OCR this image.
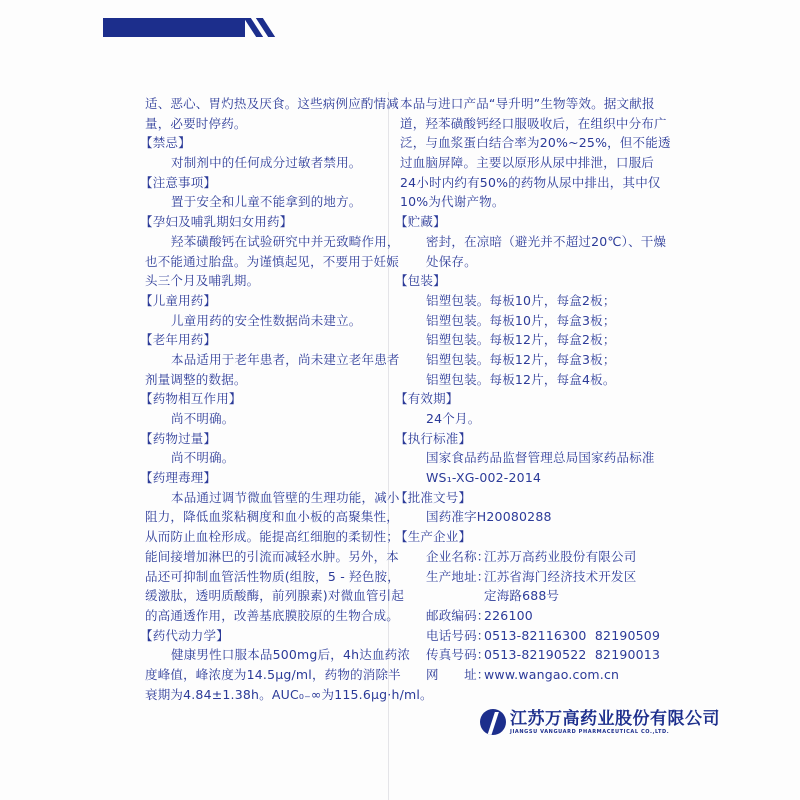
适、恶心、胃灼热及厌食。这些病例应酌情减
量，必要时停药。
【禁忌】
对制剂中的任何成分过敏者禁用。
【注意事项】
置于安全和儿童不能拿到的地方。
【孕妇及哺乳期妇女用药】
羟苯磺酸钙在试验研究中并无致畸作用，
也不能通过胎盘。为谨慎起见，不要用于妊娠
头三个月及哺乳期。
【儿童用药】
儿童用药的安全性数据尚未建立。
【老年用药】
本品适用于老年患者，尚未建立老年患者
剂量调整的数据。
【药物相互作用】
尚不明确。
【药物过量】
尚不明确。
【药理毒理】
本品通过调节微血管壁的生理功能，减小
阻力，降低血浆粘稠度和血小板的高聚集性，
从而防止血栓形成。能提高红细胞的柔韧性；
能间接增加淋巴的引流而减轻水肿。另外，本
品还可抑制血管活性物质(组胺，5 - 羟色胺，
缓激肽，透明质酸酶，前列腺素)对微血管引起
的高通透作用，改善基底膜胶原的生物合成。
【药代动力学】
健康男性口服本品500mg后，4h达血药浓
度峰值，峰浓度为14.5μg/ml，药物的消除半
衰期为4.84±1.38h。AUC₀₋∞为115.6μg·h/ml。
本品与进口产品“导升明”生物等效。据文献报
道，羟苯磺酸钙经口服吸收后，在组织中分布广
泛，与血浆蛋白结合率为20%~25%，但不能透
过血脑屏障。主要以原形从尿中排泄，口服后
24小时内约有50%的药物从尿中排出，其中仅
10%为代谢产物。
【贮藏】
密封，在凉暗（避光并不超过20℃）、干燥
处保存。
【包装】
铝塑包装。每板10片，每盒2板；
铝塑包装。每板10片，每盒3板；
铝塑包装。每板12片，每盒2板；
铝塑包装。每板12片，每盒3板；
铝塑包装。每板12片，每盒4板。
【有效期】
24个月。
【执行标准】
国家食品药品监督管理总局国家药品标准
WS₁-XG-002-2014
【批准文号】
国药准字H20080288
【生产企业】
企业名称：
江苏万高药业股份有限公司
生产地址：
江苏省海门经济技术开发区
定海路688号
邮政编码：
226100
电话号码：
0513-82116300  82190509
传真号码：
0513-82190522  82190013
网　　址：
www.wangao.com.cn
江苏万高药业股份有限公司
JIANGSU VANGUARD PHARMACEUTICAL CO.,LTD.
